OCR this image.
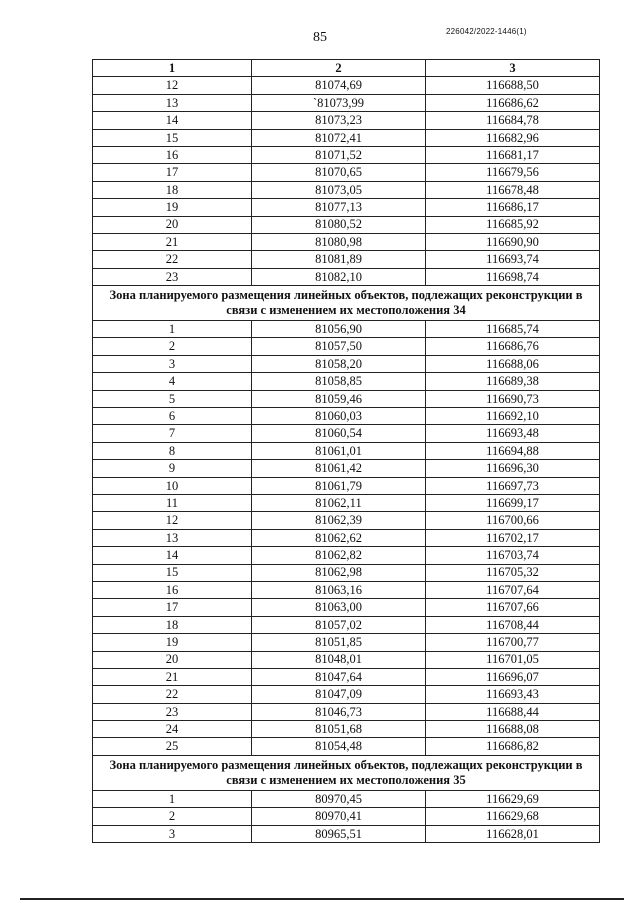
85	226042/2022-1446(1)
1	2	3
12	81074,69	116688,50
13	`81073,99	116686,62
14	81073,23	116684,78
15	81072,41	116682,96
16	81071,52	116681,17
17	81070,65	116679,56
18	81073,05	116678,48
19	81077,13	116686,17
20	81080,52	116685,92
21	81080,98	116690,90
22	81081,89	116693,74
23	81082,10	116698,74
Зона планируемого размещения линейных объектов, подлежащих реконструкции в связи с изменением их местоположения 34		
1	81056,90	116685,74
2	81057,50	116686,76
3	81058,20	116688,06
4	81058,85	116689,38
5	81059,46	116690,73
6	81060,03	116692,10
7	81060,54	116693,48
8	81061,01	116694,88
9	81061,42	116696,30
10	81061,79	116697,73
11	81062,11	116699,17
12	81062,39	116700,66
13	81062,62	116702,17
14	81062,82	116703,74
15	81062,98	116705,32
16	81063,16	116707,64
17	81063,00	116707,66
18	81057,02	116708,44
19	81051,85	116700,77
20	81048,01	116701,05
21	81047,64	116696,07
22	81047,09	116693,43
23	81046,73	116688,44
24	81051,68	116688,08
25	81054,48	116686,82
Зона планируемого размещения линейных объектов, подлежащих реконструкции в связи с изменением их местоположения 35		
1	80970,45	116629,69
2	80970,41	116629,68
3	80965,51	116628,01
